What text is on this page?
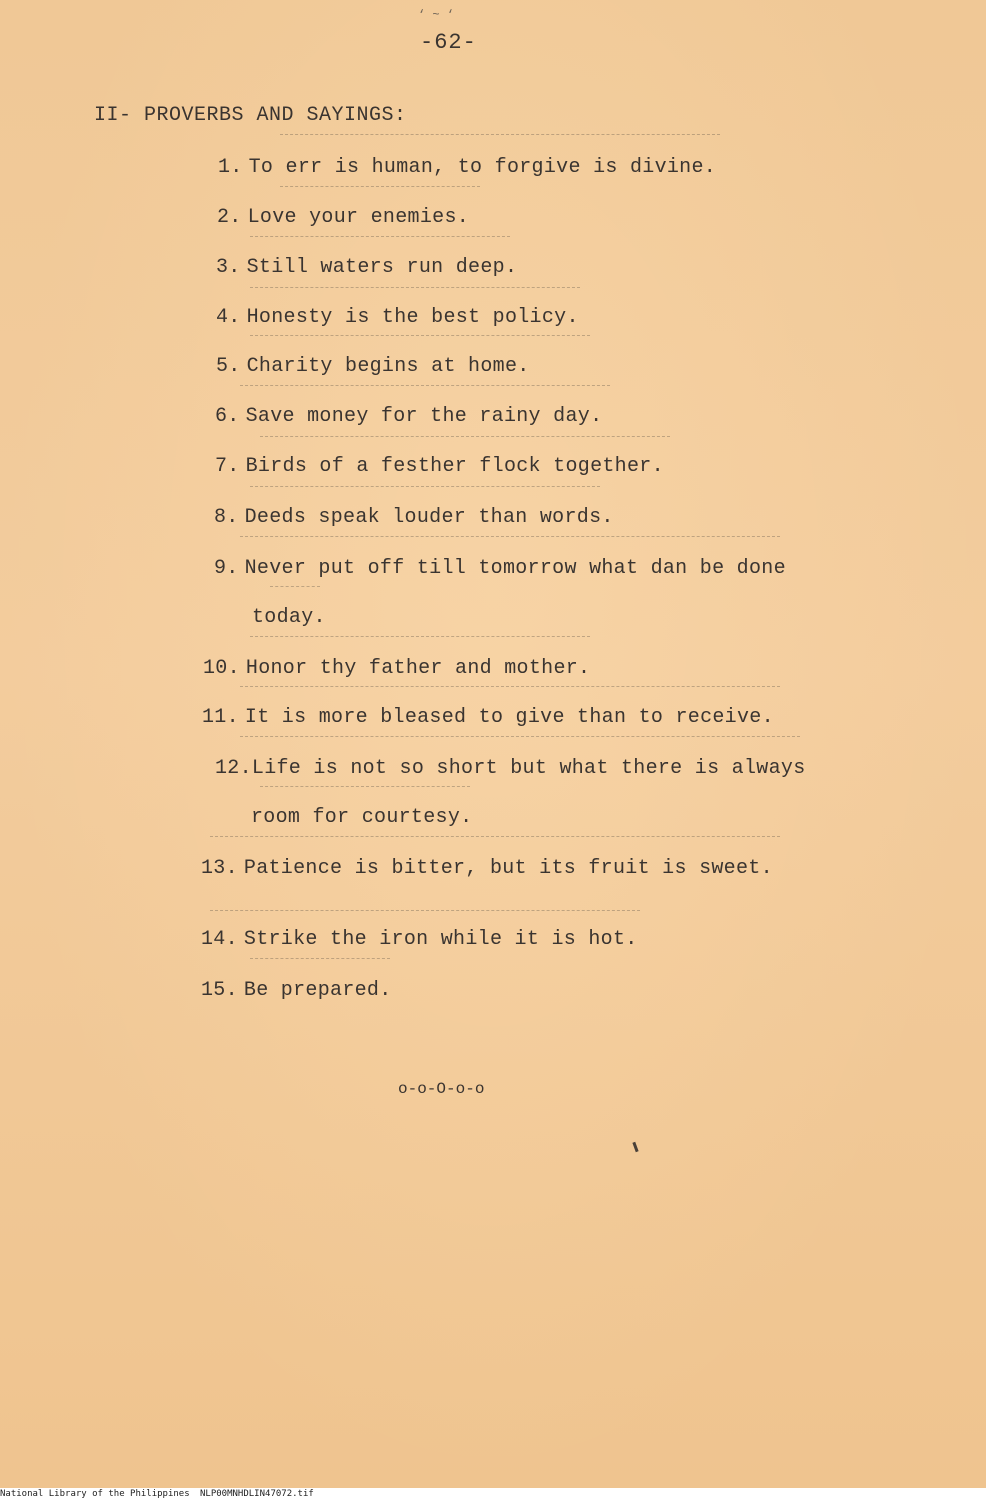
‘ ~ ‘
-62-
II- PROVERBS AND SAYINGS:
1. To err is human, to forgive is divine.
2. Love your enemies.
3. Still waters run deep.
4. Honesty is the best policy.
5. Charity begins at home.
6. Save money for the rainy day.
7. Birds of a festher flock together.
8. Deeds speak louder than words.
9. Never put off till tomorrow what dan be done
today.
10. Honor thy father and mother.
11. It is more bleased to give than to receive.
12.Life is not so short but what there is always
room for courtesy.
13. Patience is bitter, but its fruit is sweet.
14. Strike the iron while it is hot.
15. Be prepared.
o-o-O-o-o
National Library of the Philippines NLP00MNHDLIN47072.tif
